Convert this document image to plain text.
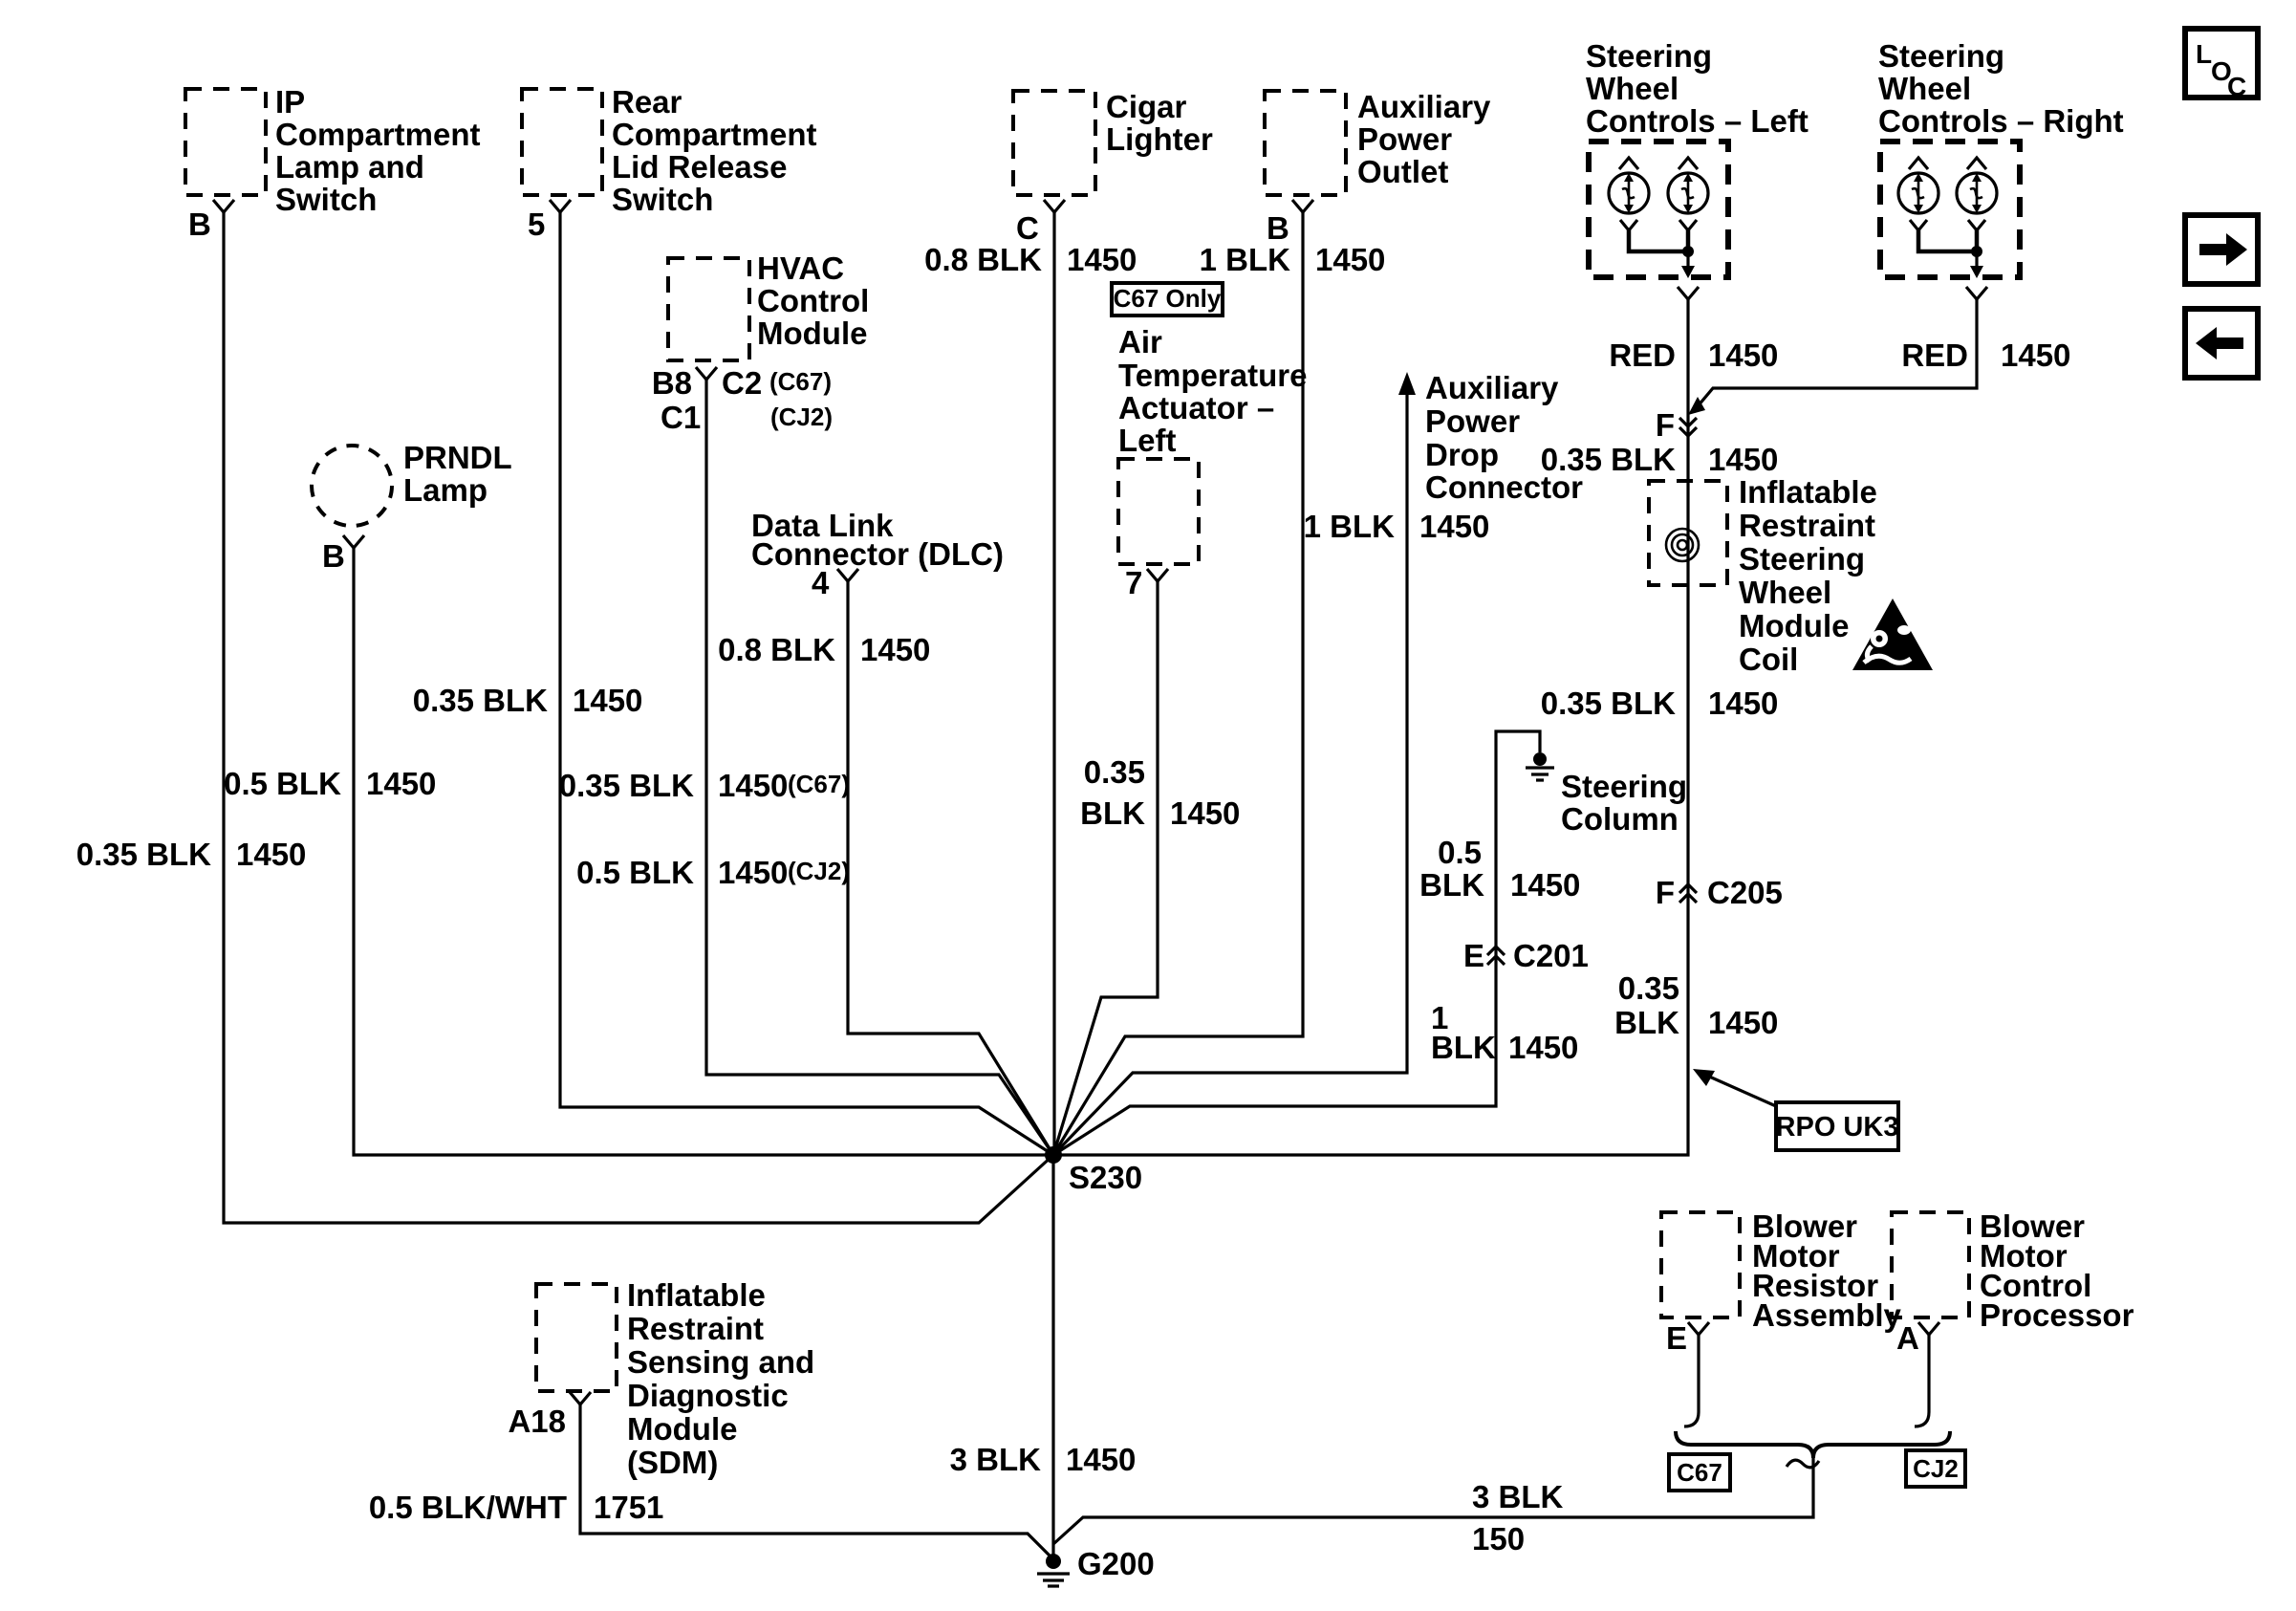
IP
Compartment
Lamp and
Switch
B
0.35 BLK 1450
Rear
Compartment
Lid Release
Switch
5
0.35 BLK 1450
HVAC
Control
Module
B8 C2 (C67)
C1	(CJ2)
0.35 BLK 1450 (C67)
0.5 BLK 1450 (CJ2)
PRNDL
Lamp
B
0.5 BLK 1450
Data Link
Connector (DLC)
4
0.8 BLK 1450
Cigar
Lighter
C
0.8 BLK 1450
Auxiliary
Power
Outlet
B
1 BLK 1450
C67 Only
Air
Temperature
Actuator –
Left
7
0.35
BLK 1450
Auxiliary
Power
Drop
Connector
1 BLK 1450
Steering
Wheel
Controls – Left
RED 1450
Steering
Wheel
Controls – Right
RED 1450
F
0.35 BLK 1450
Inflatable
Restraint
Steering
Wheel
Module
Coil
0.35 BLK 1450
Steering
Column
0.5
BLK 1450
E C201
1
BLK 1450
F C205
0.35
BLK 1450
RPO UK3
S230
3 BLK 1450
G200
Inflatable
Restraint
Sensing and
Diagnostic
Module
(SDM)
A18
0.5 BLK/WHT 1751
Blower
Motor
Resistor
Assembly
E
Blower
Motor
Control
Processor
A
C67	CJ2
3 BLK
150
L
O
C
